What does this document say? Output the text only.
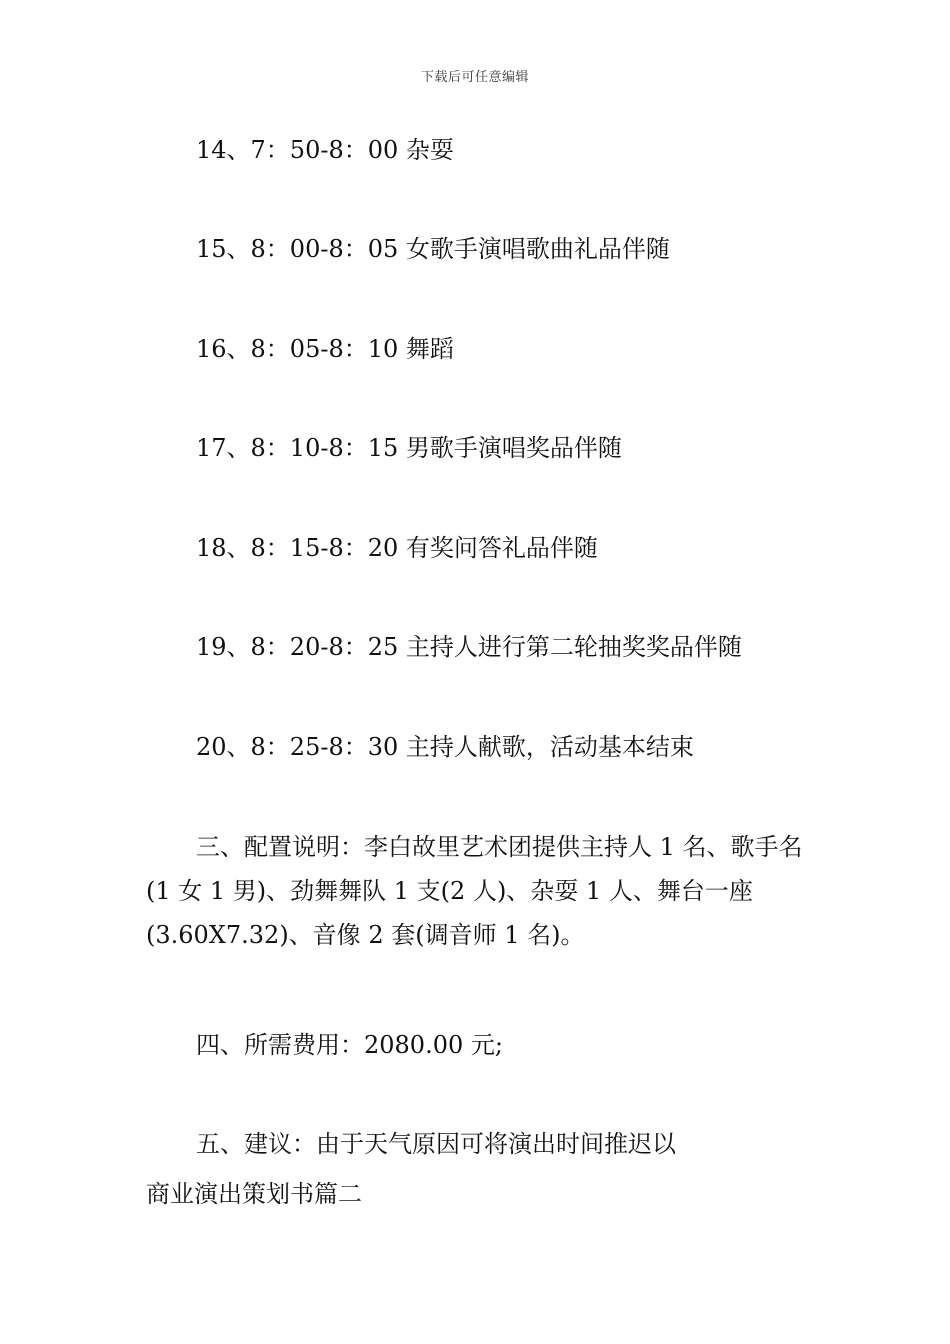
下载后可任意编辑
14、7：50-8：00 杂耍
15、8：00-8：05 女歌手演唱歌曲礼品伴随
16、8：05-8：10 舞蹈
17、8：10-8：15 男歌手演唱奖品伴随
18、8：15-8：20 有奖问答礼品伴随
19、8：20-8：25 主持人进行第二轮抽奖奖品伴随
20、8：25-8：30 主持人献歌，活动基本结束
三、配置说明：李白故里艺术团提供主持人 1 名、歌手名(1 女 1 男)、劲舞舞队 1 支(2 人)、杂耍 1 人、舞台一座(3.60X7.32)、音像 2 套(调音师 1 名)。
四、所需费用：2080.00 元;
五、建议：由于天气原因可将演出时间推迟以
商业演出策划书篇二
